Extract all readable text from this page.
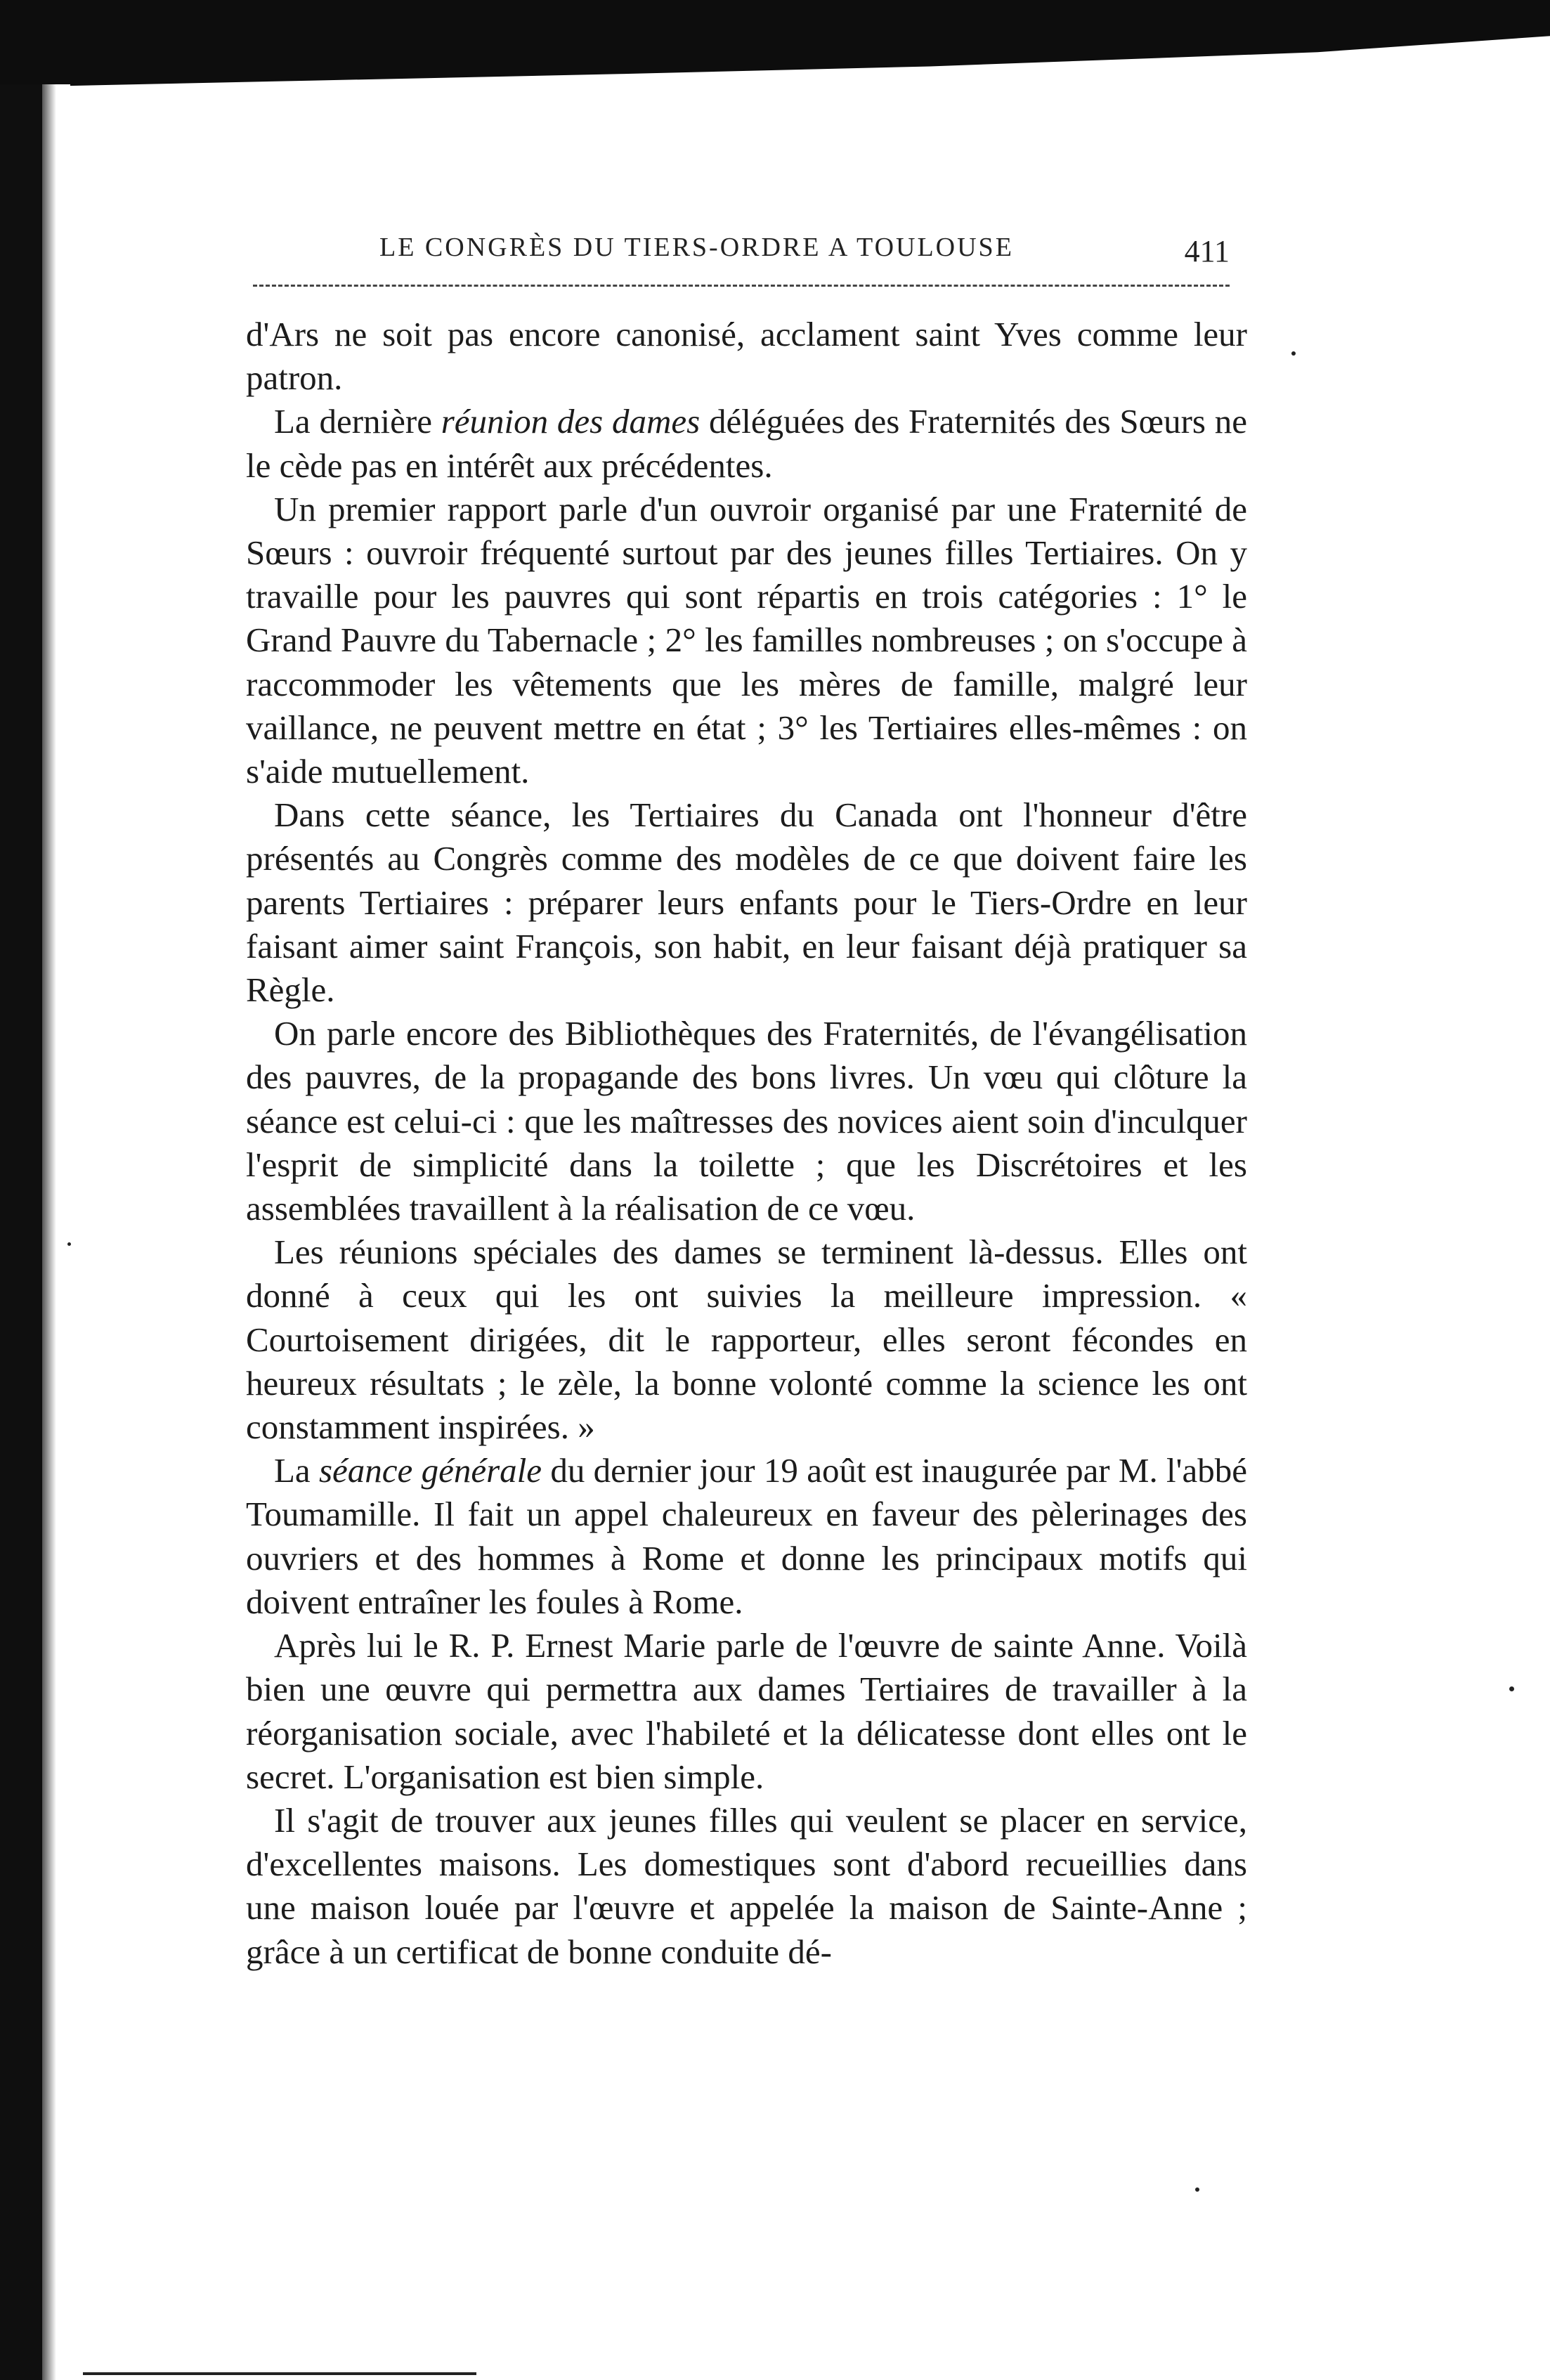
LE CONGRÈS DU TIERS-ORDRE A TOULOUSE	411

d'Ars ne soit pas encore canonisé, acclament saint Yves comme leur patron.

La dernière réunion des dames déléguées des Fraternités des Sœurs ne le cède pas en intérêt aux précédentes.

Un premier rapport parle d'un ouvroir organisé par une Fraternité de Sœurs : ouvroir fréquenté surtout par des jeunes filles Tertiaires. On y travaille pour les pauvres qui sont répartis en trois catégories : 1° le Grand Pauvre du Tabernacle ; 2° les familles nombreuses ; on s'occupe à raccommoder les vêtements que les mères de famille, malgré leur vaillance, ne peuvent mettre en état ; 3° les Tertiaires elles-mêmes : on s'aide mutuellement.

Dans cette séance, les Tertiaires du Canada ont l'honneur d'être présentés au Congrès comme des modèles de ce que doivent faire les parents Tertiaires : préparer leurs enfants pour le Tiers-Ordre en leur faisant aimer saint François, son habit, en leur faisant déjà pratiquer sa Règle.

On parle encore des Bibliothèques des Fraternités, de l'évangélisation des pauvres, de la propagande des bons livres. Un vœu qui clôture la séance est celui-ci : que les maîtresses des novices aient soin d'inculquer l'esprit de simplicité dans la toilette ; que les Discrétoires et les assemblées travaillent à la réalisation de ce vœu.

Les réunions spéciales des dames se terminent là-dessus. Elles ont donné à ceux qui les ont suivies la meilleure impression. « Courtoisement dirigées, dit le rapporteur, elles seront fécondes en heureux résultats ; le zèle, la bonne volonté comme la science les ont constamment inspirées. »

La séance générale du dernier jour 19 août est inaugurée par M. l'abbé Toumamille. Il fait un appel chaleureux en faveur des pèlerinages des ouvriers et des hommes à Rome et donne les principaux motifs qui doivent entraîner les foules à Rome.

Après lui le R. P. Ernest Marie parle de l'œuvre de sainte Anne. Voilà bien une œuvre qui permettra aux dames Tertiaires de travailler à la réorganisation sociale, avec l'habileté et la délicatesse dont elles ont le secret. L'organisation est bien simple.

Il s'agit de trouver aux jeunes filles qui veulent se placer en service, d'excellentes maisons. Les domestiques sont d'abord recueillies dans une maison louée par l'œuvre et appelée la maison de Sainte-Anne ; grâce à un certificat de bonne conduite dé-
